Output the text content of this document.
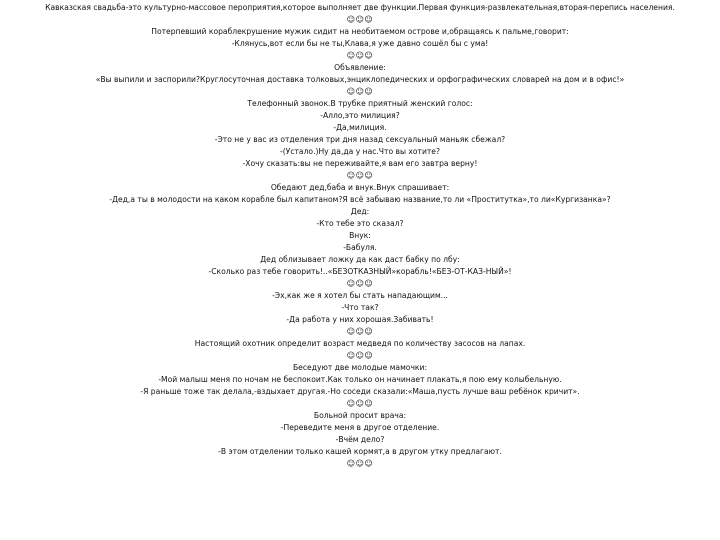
Кавказская свадьба-это культурно-массовое пероприятия,которое выполняет две функции.Первая функция-развлекательная,вторая-перепись населения.
☺☺☺
Потерпевший кораблекрушение мужик сидит на необитаемом острове и,обращаясь к пальме,говорит:
-Клянусь,вот если бы не ты,Клава,я уже давно сошёл бы с ума!
☺☺☺
Объявление:
«Вы выпили и заспорили?Круглосуточная доставка толковых,энциклопедических и орфографических словарей на дом и в офис!»
☺☺☺
Телефонный звонок.В трубке приятный женский голос:
-Алло,это милиция?
-Да,милиция.
-Это не у вас из отделения три дня назад сексуальный маньяк сбежал?
-(Устало.)Ну да,да у нас.Что вы хотите?
-Хочу сказать:вы не переживайте,я вам его завтра верну!
☺☺☺
Обедают дед,баба и внук.Внук спрашивает:
-Дед,а ты в молодости на каком корабле был капитаном?Я всё забываю название,то ли «Проститутка»,то ли«Кургизанка»?
Дед:
-Кто тебе это сказал?
Внук:
-Бабуля.
Дед облизывает ложку да как даст бабку по лбу:
-Сколько раз тебе говорить!..«БЕЗОТКАЗНЫЙ»корабль!«БЕЗ-ОТ-КАЗ-НЫЙ»!
☺☺☺
-Эх,как же я хотел бы стать нападающим...
-Что так?
-Да работа у них хорошая.Забивать!
☺☺☺
Настоящий охотник определит возраст медведя по количеству засосов на лапах.
☺☺☺
Беседуют две молодые мамочки:
-Мой малыш меня по ночам не беспокоит.Как только он начинает плакать,я пою ему колыбельную.
-Я раньше тоже так делала,-вздыхает другая.-Но соседи сказали:«Маша,пусть лучше ваш ребёнок кричит».
☺☺☺
Больной просит врача:
-Переведите меня в другое отделение.
-Вчём дело?
-В этом отделении только кашей кормят,а в другом утку предлагают.
☺☺☺
